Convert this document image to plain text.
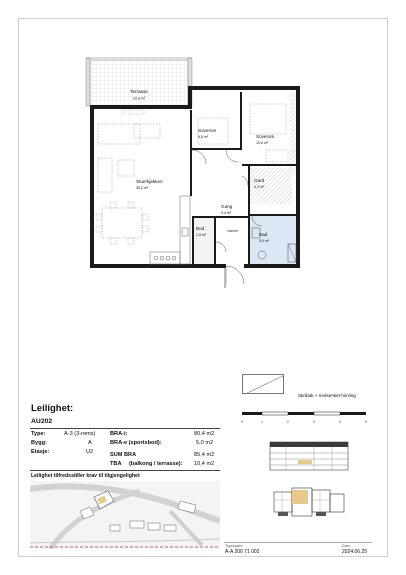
Vaskem
Terrasse
10,4 m²
Soverom
9,5 m²	Soverom
10,6 m²
Stue/kjøkken
35,2 m²
Gard
4,3 m²
Gang
9,4 m²
Bod
2,5 m²	Bad
5,0 m²
Skråtak + nedsenket himling
0	1	2	3	4	5
Leilighet:
AU202
Type:	A-3 (3-roms)
Bygg:	A
Etasje:	U2
BRA-i:	80,4 m2
BRA-e (sportsbod):	5,0 m2
SUM BRA	85,4 m2
TBA     (balkong / terrasse): 10,4 m2
Leilighet tilfredsstiller krav til tilgjengelighet
Tegningsnr:
A-A 200 71 002
Dato:
2024.06.25
